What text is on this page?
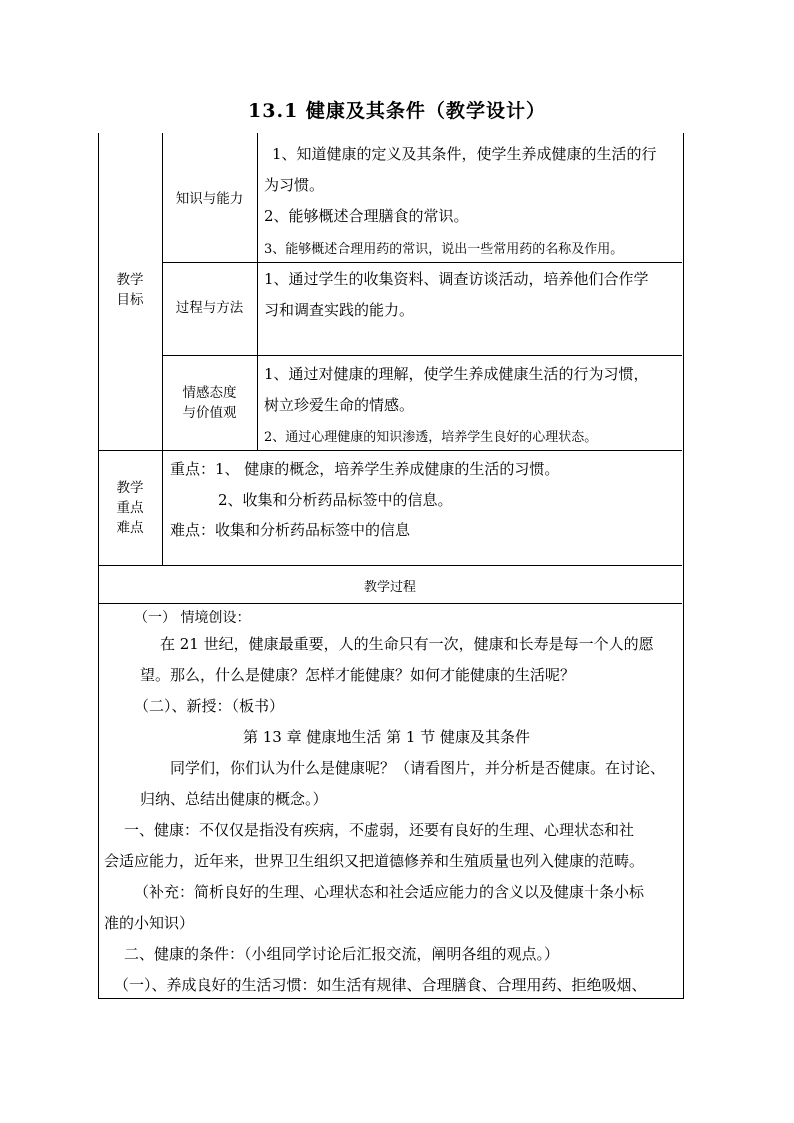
13.1 健康及其条件（教学设计）
教学
目标
知识与能力
过程与方法
情感态度
与价值观
1、知道健康的定义及其条件，使学生养成健康的生活的行
为习惯。
2、能够概述合理膳食的常识。
3、能够概述合理用药的常识，说出一些常用药的名称及作用。
1、通过学生的收集资料、调查访谈活动，培养他们合作学
习和调查实践的能力。
1、通过对健康的理解，使学生养成健康生活的行为习惯，
树立珍爱生命的情感。
2、通过心理健康的知识渗透，培养学生良好的心理状态。
教学
重点
难点
重点：1、 健康的概念，培养学生养成健康的生活的习惯。
2、收集和分析药品标签中的信息。
难点：收集和分析药品标签中的信息
教学过程
（一） 情境创设：
在 21 世纪，健康最重要，人的生命只有一次，健康和长寿是每一个人的愿
望。那么，什么是健康？怎样才能健康？如何才能健康的生活呢？
（二）、新授：（板书）
第 13 章 健康地生活 第 1 节 健康及其条件
同学们，你们认为什么是健康呢？（请看图片，并分析是否健康。在讨论、
归纳、总结出健康的概念。）
一、健康：不仅仅是指没有疾病，不虚弱，还要有良好的生理、心理状态和社
会适应能力，近年来，世界卫生组织又把道德修养和生殖质量也列入健康的范畴。
（补充：简析良好的生理、心理状态和社会适应能力的含义以及健康十条小标
准的小知识）
二、健康的条件：（小组同学讨论后汇报交流，阐明各组的观点。）
（一）、养成良好的生活习惯：如生活有规律、合理膳食、合理用药、拒绝吸烟、
